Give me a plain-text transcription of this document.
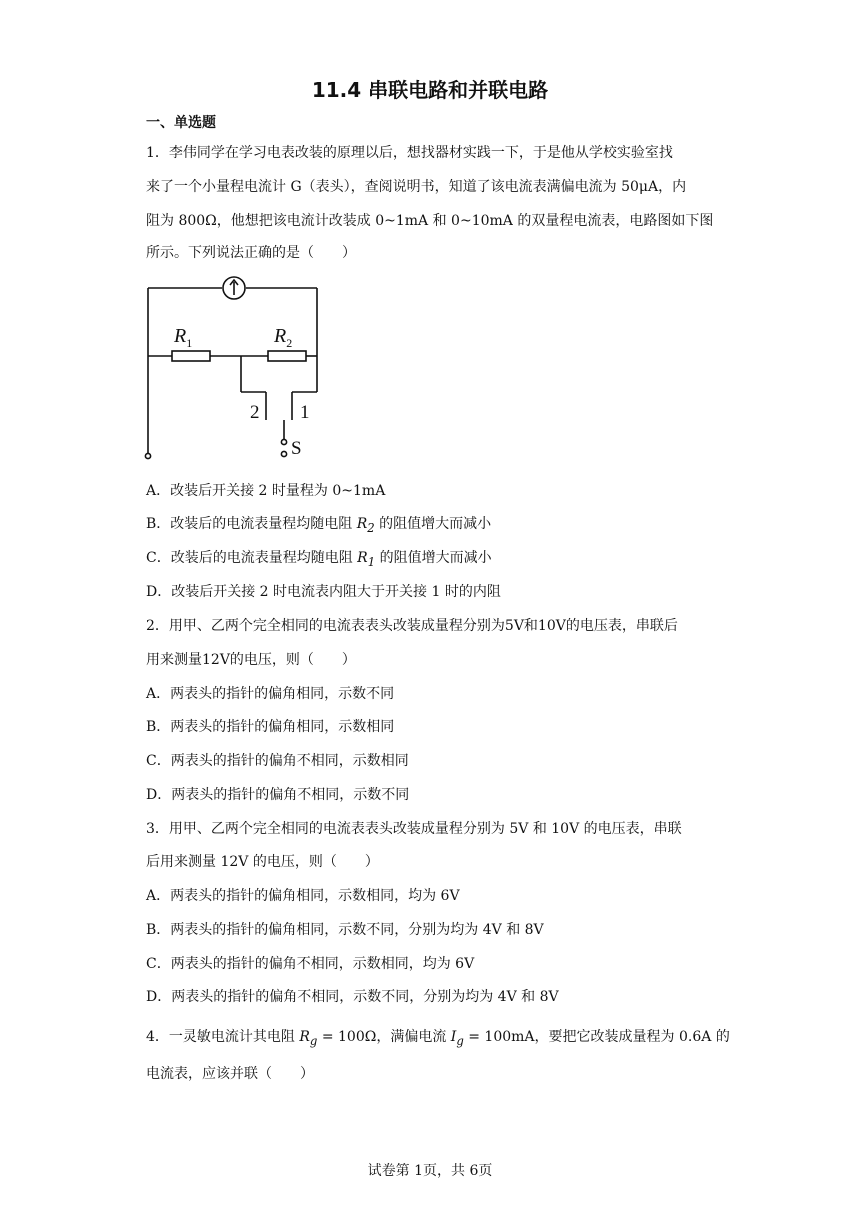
11.4 串联电路和并联电路
一、单选题
1．李伟同学在学习电表改装的原理以后，想找器材实践一下，于是他从学校实验室找
来了一个小量程电流计 G（表头），查阅说明书，知道了该电流表满偏电流为 50μA，内
阻为 800Ω，他想把该电流计改装成 0~1mA 和 0~10mA 的双量程电流表，电路图如下图
所示。下列说法正确的是（　　）
$R_1$	$R_2$
2 1
S
A．改装后开关接 2 时量程为 0~1mA
B．改装后的电流表量程均随电阻 $R_2$ 的阻值增大而减小
C．改装后的电流表量程均随电阻 $R_1$ 的阻值增大而减小
D．改装后开关接 2 时电流表内阻大于开关接 1 时的内阻
2．用甲、乙两个完全相同的电流表表头改装成量程分别为5V和10V的电压表，串联后
用来测量12V的电压，则（　　）
A．两表头的指针的偏角相同，示数不同
B．两表头的指针的偏角相同，示数相同
C．两表头的指针的偏角不相同，示数相同
D．两表头的指针的偏角不相同，示数不同
3．用甲、乙两个完全相同的电流表表头改装成量程分别为 5V 和 10V 的电压表，串联
后用来测量 12V 的电压，则（　　）
A．两表头的指针的偏角相同，示数相同，均为 6V
B．两表头的指针的偏角相同，示数不同，分别为均为 4V 和 8V
C．两表头的指针的偏角不相同，示数相同，均为 6V
D．两表头的指针的偏角不相同，示数不同，分别为均为 4V 和 8V
4．一灵敏电流计其电阻 $R_g = 100\Omega$，满偏电流 $I_g = 100mA$，要把它改装成量程为 0.6A 的
电流表，应该并联（　　）
试卷第 1页，共 6页
